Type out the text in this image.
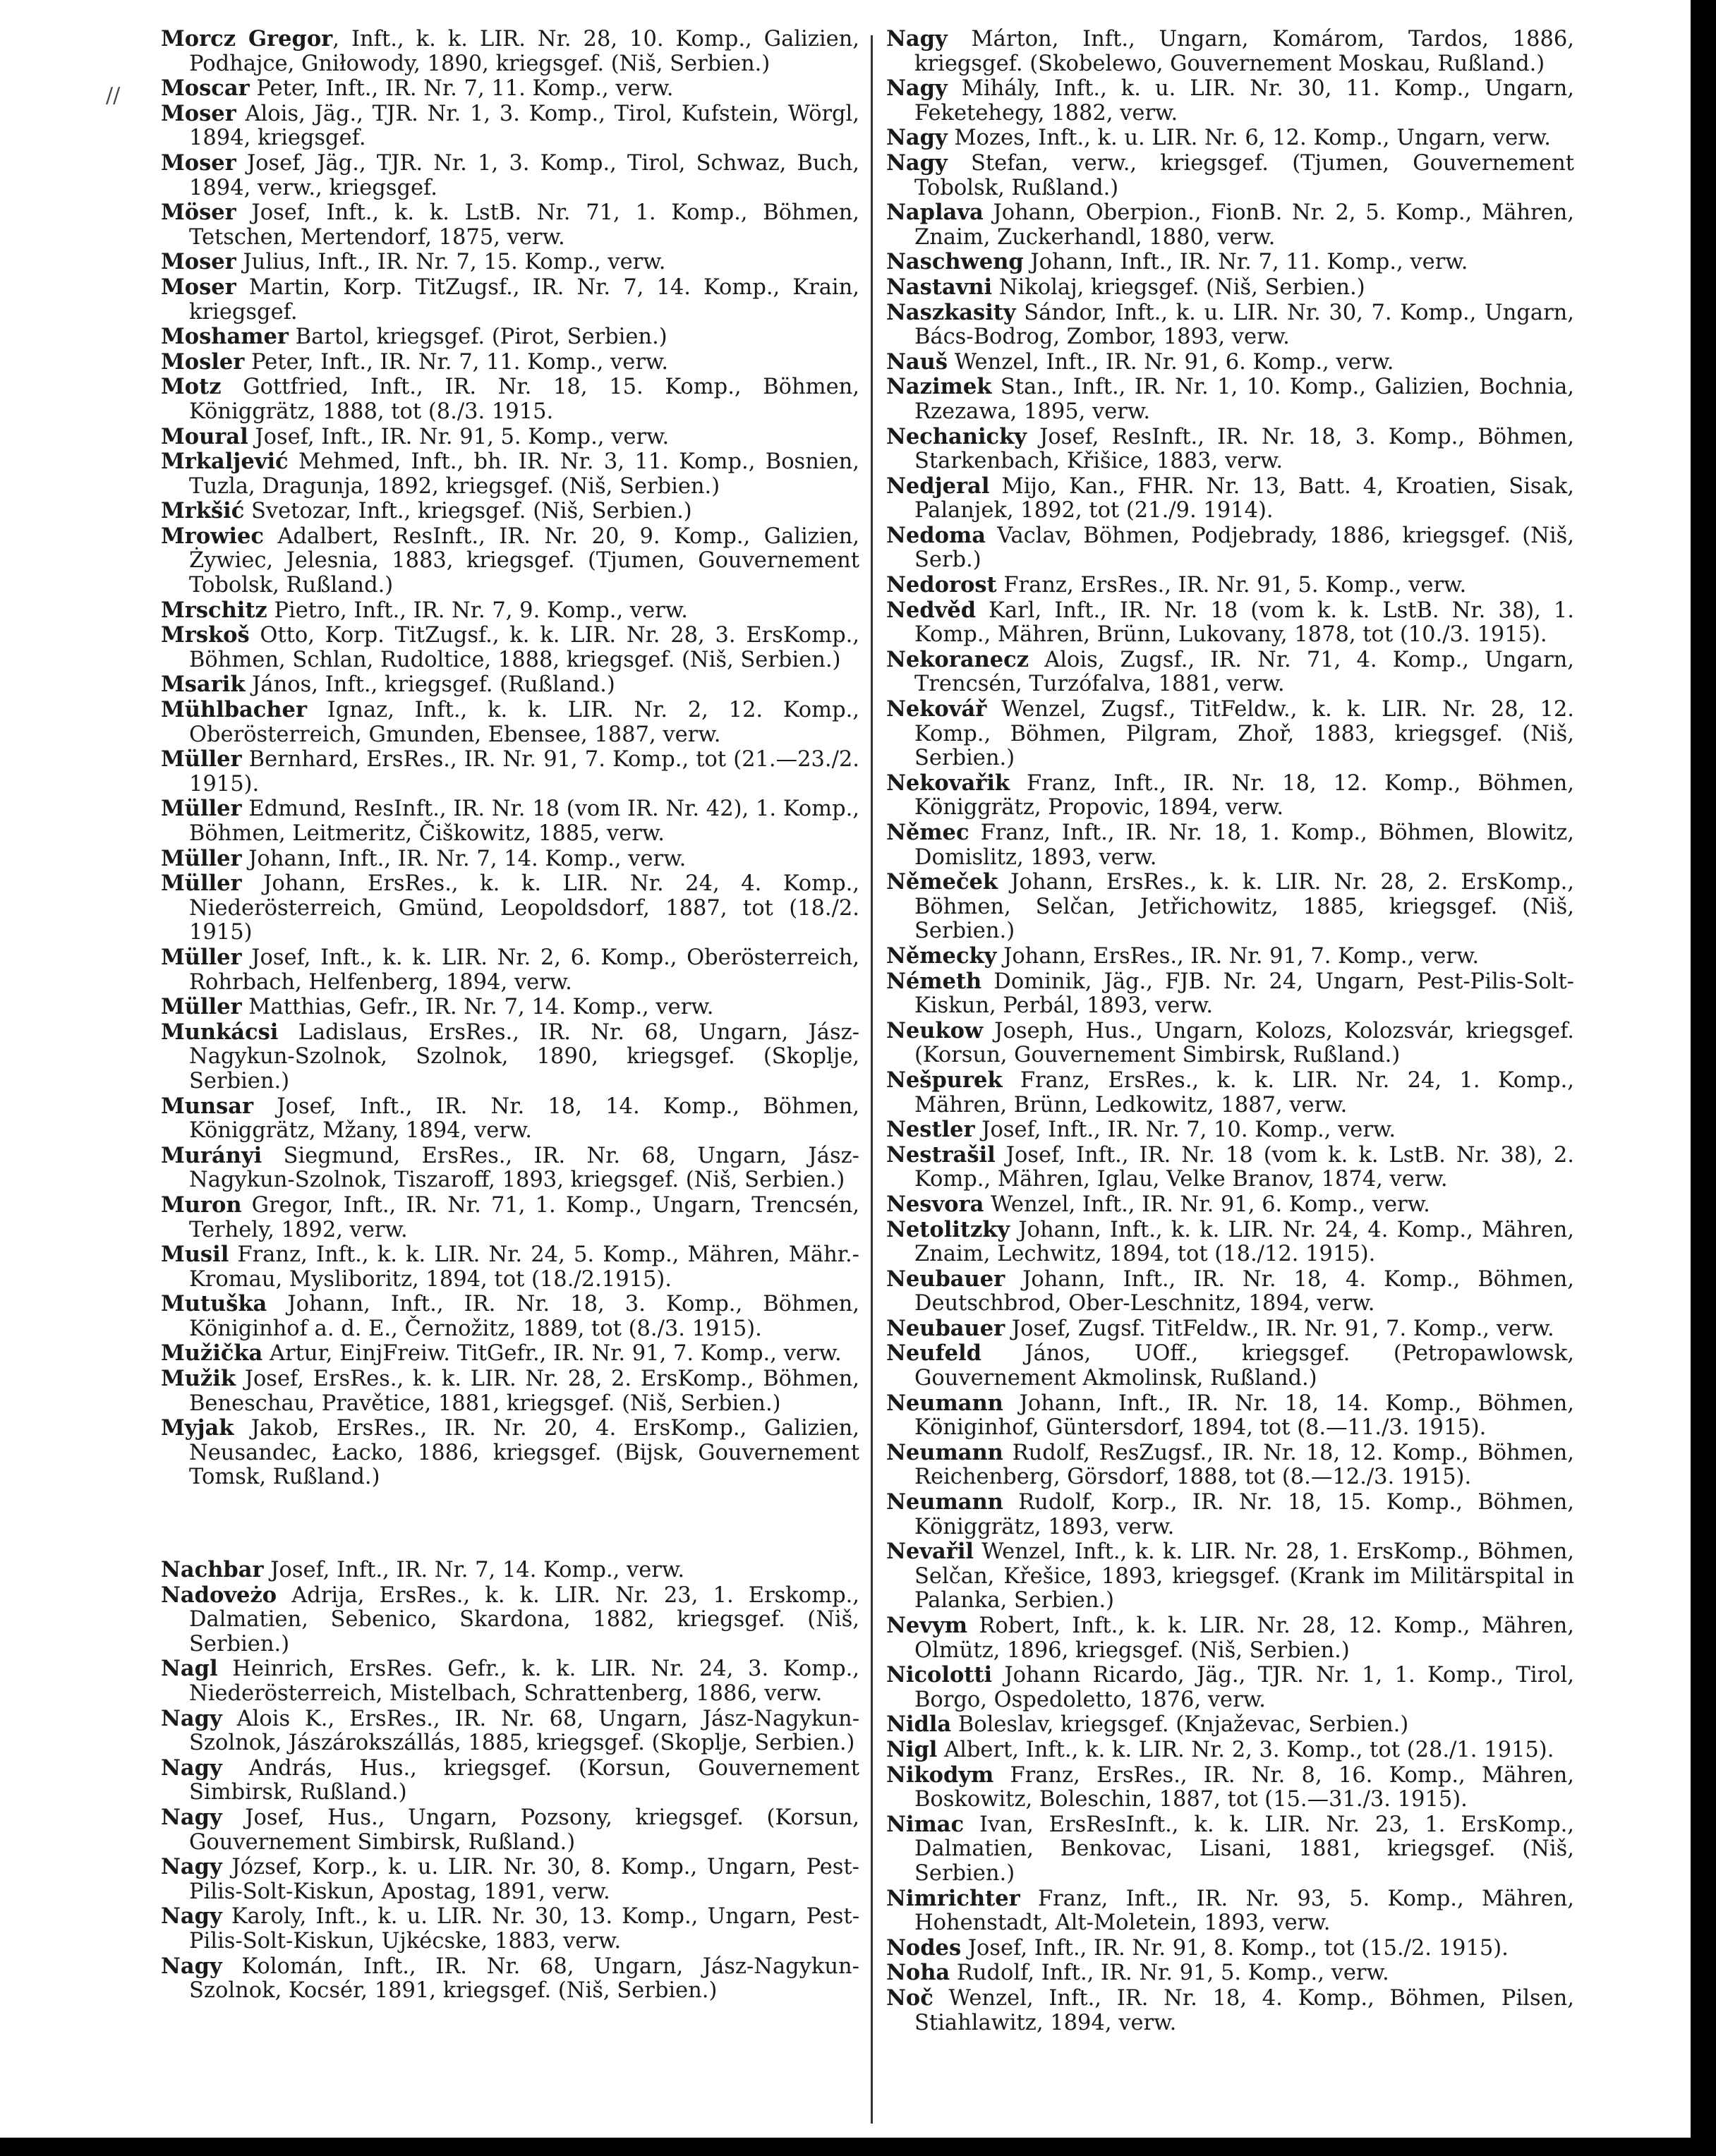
//
Morcz Gregor, Inft., k. k. LIR. Nr. 28, 10. Komp., Galizien, Podhajce, Gniłowody, 1890, kriegsgef. (Niš, Serbien.)
Moscar Peter, Inft., IR. Nr. 7, 11. Komp., verw.
Moser Alois, Jäg., TJR. Nr. 1, 3. Komp., Tirol, Kufstein, Wörgl, 1894, kriegsgef.
Moser Josef, Jäg., TJR. Nr. 1, 3. Komp., Tirol, Schwaz, Buch, 1894, verw., kriegsgef.
Möser Josef, Inft., k. k. LstB. Nr. 71, 1. Komp., Böhmen, Tetschen, Mertendorf, 1875, verw.
Moser Julius, Inft., IR. Nr. 7, 15. Komp., verw.
Moser Martin, Korp. TitZugsf., IR. Nr. 7, 14. Komp., Krain, kriegsgef.
Moshamer Bartol, kriegsgef. (Pirot, Serbien.)
Mosler Peter, Inft., IR. Nr. 7, 11. Komp., verw.
Motz Gottfried, Inft., IR. Nr. 18, 15. Komp., Böhmen, Königgrätz, 1888, tot (8./3. 1915.
Moural Josef, Inft., IR. Nr. 91, 5. Komp., verw.
Mrkaljević Mehmed, Inft., bh. IR. Nr. 3, 11. Komp., Bosnien, Tuzla, Dragunja, 1892, kriegsgef. (Niš, Serbien.)
Mrkšić Svetozar, Inft., kriegsgef. (Niš, Serbien.)
Mrowiec Adalbert, ResInft., IR. Nr. 20, 9. Komp., Galizien, Żywiec, Jelesnia, 1883, kriegsgef. (Tjumen, Gouvernement Tobolsk, Rußland.)
Mrschitz Pietro, Inft., IR. Nr. 7, 9. Komp., verw.
Mrskoš Otto, Korp. TitZugsf., k. k. LIR. Nr. 28, 3. ErsKomp., Böhmen, Schlan, Rudoltice, 1888, kriegsgef. (Niš, Serbien.)
Msarik János, Inft., kriegsgef. (Rußland.)
Mühlbacher Ignaz, Inft., k. k. LIR. Nr. 2, 12. Komp., Oberösterreich, Gmunden, Ebensee, 1887, verw.
Müller Bernhard, ErsRes., IR. Nr. 91, 7. Komp., tot (21.—23./2. 1915).
Müller Edmund, ResInft., IR. Nr. 18 (vom IR. Nr. 42), 1. Komp., Böhmen, Leitmeritz, Čiškowitz, 1885, verw.
Müller Johann, Inft., IR. Nr. 7, 14. Komp., verw.
Müller Johann, ErsRes., k. k. LIR. Nr. 24, 4. Komp., Niederösterreich, Gmünd, Leopoldsdorf, 1887, tot (18./2. 1915)
Müller Josef, Inft., k. k. LIR. Nr. 2, 6. Komp., Oberösterreich, Rohrbach, Helfenberg, 1894, verw.
Müller Matthias, Gefr., IR. Nr. 7, 14. Komp., verw.
Munkácsi Ladislaus, ErsRes., IR. Nr. 68, Ungarn, Jász-Nagykun-Szolnok, Szolnok, 1890, kriegsgef. (Skoplje, Serbien.)
Munsar Josef, Inft., IR. Nr. 18, 14. Komp., Böhmen, Königgrätz, Mžany, 1894, verw.
Murányi Siegmund, ErsRes., IR. Nr. 68, Ungarn, Jász-Nagykun-Szolnok, Tiszaroff, 1893, kriegsgef. (Niš, Serbien.)
Muron Gregor, Inft., IR. Nr. 71, 1. Komp., Ungarn, Trencsén, Terhely, 1892, verw.
Musil Franz, Inft., k. k. LIR. Nr. 24, 5. Komp., Mähren, Mähr.-Kromau, Mysliboritz, 1894, tot (18./2.1915).
Mutuška Johann, Inft., IR. Nr. 18, 3. Komp., Böhmen, Königinhof a. d. E., Černožitz, 1889, tot (8./3. 1915).
Mužička Artur, EinjFreiw. TitGefr., IR. Nr. 91, 7. Komp., verw.
Mužik Josef, ErsRes., k. k. LIR. Nr. 28, 2. ErsKomp., Böhmen, Beneschau, Pravětice, 1881, kriegsgef. (Niš, Serbien.)
Myjak Jakob, ErsRes., IR. Nr. 20, 4. ErsKomp., Galizien, Neusandec, Łacko, 1886, kriegsgef. (Bijsk, Gouvernement Tomsk, Rußland.)
Nachbar Josef, Inft., IR. Nr. 7, 14. Komp., verw.
Nadoveżo Adrija, ErsRes., k. k. LIR. Nr. 23, 1. Erskomp., Dalmatien, Sebenico, Skardona, 1882, kriegsgef. (Niš, Serbien.)
Nagl Heinrich, ErsRes. Gefr., k. k. LIR. Nr. 24, 3. Komp., Niederösterreich, Mistelbach, Schrattenberg, 1886, verw.
Nagy Alois K., ErsRes., IR. Nr. 68, Ungarn, Jász-Nagykun-Szolnok, Jászárokszállás, 1885, kriegsgef. (Skoplje, Serbien.)
Nagy András, Hus., kriegsgef. (Korsun, Gouvernement Simbirsk, Rußland.)
Nagy Josef, Hus., Ungarn, Pozsony, kriegsgef. (Korsun, Gouvernement Simbirsk, Rußland.)
Nagy József, Korp., k. u. LIR. Nr. 30, 8. Komp., Ungarn, Pest-Pilis-Solt-Kiskun, Apostag, 1891, verw.
Nagy Karoly, Inft., k. u. LIR. Nr. 30, 13. Komp., Ungarn, Pest-Pilis-Solt-Kiskun, Ujkécske, 1883, verw.
Nagy Kolomán, Inft., IR. Nr. 68, Ungarn, Jász-Nagykun-Szolnok, Kocsér, 1891, kriegsgef. (Niš, Serbien.)
Nagy Márton, Inft., Ungarn, Komárom, Tardos, 1886, kriegsgef. (Skobelewo, Gouvernement Moskau, Rußland.)
Nagy Mihály, Inft., k. u. LIR. Nr. 30, 11. Komp., Ungarn, Feketehegy, 1882, verw.
Nagy Mozes, Inft., k. u. LIR. Nr. 6, 12. Komp., Ungarn, verw.
Nagy Stefan, verw., kriegsgef. (Tjumen, Gouvernement Tobolsk, Rußland.)
Naplava Johann, Oberpion., FionB. Nr. 2, 5. Komp., Mähren, Znaim, Zuckerhandl, 1880, verw.
Naschweng Johann, Inft., IR. Nr. 7, 11. Komp., verw.
Nastavni Nikolaj, kriegsgef. (Niš, Serbien.)
Naszkasity Sándor, Inft., k. u. LIR. Nr. 30, 7. Komp., Ungarn, Bács-Bodrog, Zombor, 1893, verw.
Nauš Wenzel, Inft., IR. Nr. 91, 6. Komp., verw.
Nazimek Stan., Inft., IR. Nr. 1, 10. Komp., Galizien, Bochnia, Rzezawa, 1895, verw.
Nechanicky Josef, ResInft., IR. Nr. 18, 3. Komp., Böhmen, Starkenbach, Křišice, 1883, verw.
Nedjeral Mijo, Kan., FHR. Nr. 13, Batt. 4, Kroatien, Sisak, Palanjek, 1892, tot (21./9. 1914).
Nedoma Vaclav, Böhmen, Podjebrady, 1886, kriegsgef. (Niš, Serb.)
Nedorost Franz, ErsRes., IR. Nr. 91, 5. Komp., verw.
Nedvěd Karl, Inft., IR. Nr. 18 (vom k. k. LstB. Nr. 38), 1. Komp., Mähren, Brünn, Lukovany, 1878, tot (10./3. 1915).
Nekoranecz Alois, Zugsf., IR. Nr. 71, 4. Komp., Ungarn, Trencsén, Turzófalva, 1881, verw.
Nekovář Wenzel, Zugsf., TitFeldw., k. k. LIR. Nr. 28, 12. Komp., Böhmen, Pilgram, Zhoř, 1883, kriegsgef. (Niš, Serbien.)
Nekovařik Franz, Inft., IR. Nr. 18, 12. Komp., Böhmen, Königgrätz, Propovic, 1894, verw.
Němec Franz, Inft., IR. Nr. 18, 1. Komp., Böhmen, Blowitz, Domislitz, 1893, verw.
Němeček Johann, ErsRes., k. k. LIR. Nr. 28, 2. ErsKomp., Böhmen, Selčan, Jetřichowitz, 1885, kriegsgef. (Niš, Serbien.)
Německy Johann, ErsRes., IR. Nr. 91, 7. Komp., verw.
Németh Dominik, Jäg., FJB. Nr. 24, Ungarn, Pest-Pilis-Solt-Kiskun, Perbál, 1893, verw.
Neukow Joseph, Hus., Ungarn, Kolozs, Kolozsvár, kriegsgef. (Korsun, Gouvernement Simbirsk, Rußland.)
Nešpurek Franz, ErsRes., k. k. LIR. Nr. 24, 1. Komp., Mähren, Brünn, Ledkowitz, 1887, verw.
Nestler Josef, Inft., IR. Nr. 7, 10. Komp., verw.
Nestrašil Josef, Inft., IR. Nr. 18 (vom k. k. LstB. Nr. 38), 2. Komp., Mähren, Iglau, Velke Branov, 1874, verw.
Nesvora Wenzel, Inft., IR. Nr. 91, 6. Komp., verw.
Netolitzky Johann, Inft., k. k. LIR. Nr. 24, 4. Komp., Mähren, Znaim, Lechwitz, 1894, tot (18./12. 1915).
Neubauer Johann, Inft., IR. Nr. 18, 4. Komp., Böhmen, Deutschbrod, Ober-Leschnitz, 1894, verw.
Neubauer Josef, Zugsf. TitFeldw., IR. Nr. 91, 7. Komp., verw.
Neufeld János, UOff., kriegsgef. (Petropawlowsk, Gouvernement Akmolinsk, Rußland.)
Neumann Johann, Inft., IR. Nr. 18, 14. Komp., Böhmen, Königinhof, Güntersdorf, 1894, tot (8.—11./3. 1915).
Neumann Rudolf, ResZugsf., IR. Nr. 18, 12. Komp., Böhmen, Reichenberg, Görsdorf, 1888, tot (8.—12./3. 1915).
Neumann Rudolf, Korp., IR. Nr. 18, 15. Komp., Böhmen, Königgrätz, 1893, verw.
Nevařil Wenzel, Inft., k. k. LIR. Nr. 28, 1. ErsKomp., Böhmen, Selčan, Křešice, 1893, kriegsgef. (Krank im Militärspital in Palanka, Serbien.)
Nevym Robert, Inft., k. k. LIR. Nr. 28, 12. Komp., Mähren, Olmütz, 1896, kriegsgef. (Niš, Serbien.)
Nicolotti Johann Ricardo, Jäg., TJR. Nr. 1, 1. Komp., Tirol, Borgo, Ospedoletto, 1876, verw.
Nidla Boleslav, kriegsgef. (Knjaževac, Serbien.)
Nigl Albert, Inft., k. k. LIR. Nr. 2, 3. Komp., tot (28./1. 1915).
Nikodym Franz, ErsRes., IR. Nr. 8, 16. Komp., Mähren, Boskowitz, Boleschin, 1887, tot (15.—31./3. 1915).
Nimac Ivan, ErsResInft., k. k. LIR. Nr. 23, 1. ErsKomp., Dalmatien, Benkovac, Lisani, 1881, kriegsgef. (Niš, Serbien.)
Nimrichter Franz, Inft., IR. Nr. 93, 5. Komp., Mähren, Hohenstadt, Alt-Moletein, 1893, verw.
Nodes Josef, Inft., IR. Nr. 91, 8. Komp., tot (15./2. 1915).
Noha Rudolf, Inft., IR. Nr. 91, 5. Komp., verw.
Noč Wenzel, Inft., IR. Nr. 18, 4. Komp., Böhmen, Pilsen, Stiahlawitz, 1894, verw.
